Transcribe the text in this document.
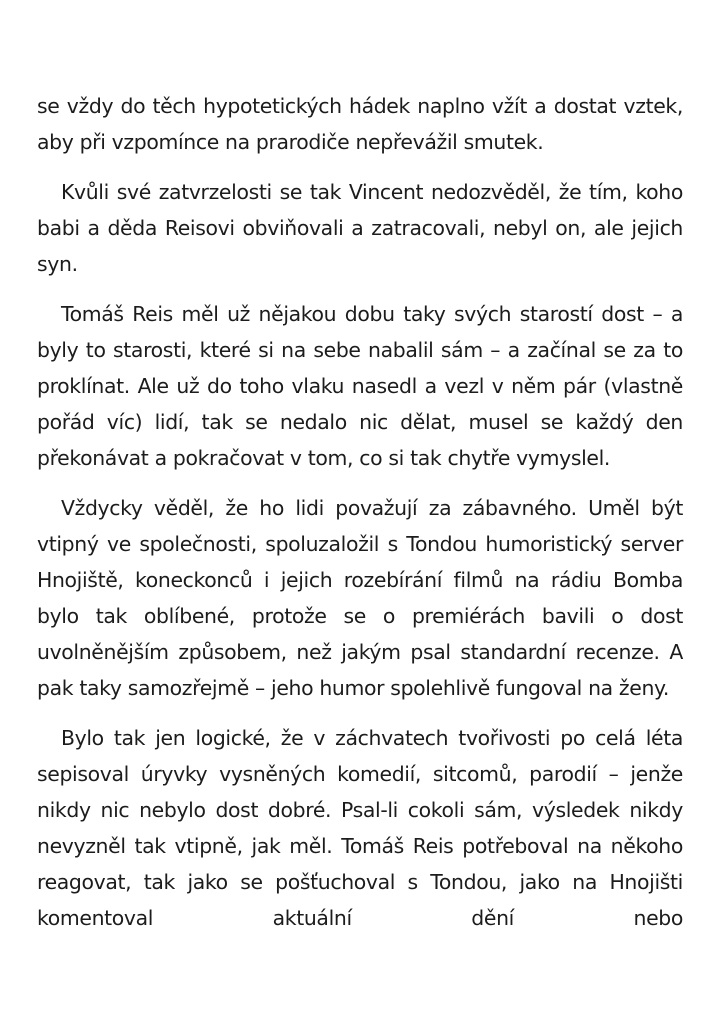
se vždy do těch hypotetických hádek naplno vžít a dostat vztek, aby při vzpomínce na prarodiče nepřevážil smutek.

Kvůli své zatvrzelosti se tak Vincent nedozvěděl, že tím, koho babi a děda Reisovi obviňovali a zatracovali, nebyl on, ale jejich syn.

Tomáš Reis měl už nějakou dobu taky svých starostí dost – a byly to starosti, které si na sebe nabalil sám – a začínal se za to proklínat. Ale už do toho vlaku nasedl a vezl v něm pár (vlastně pořád víc) lidí, tak se nedalo nic dělat, musel se každý den překonávat a pokračovat v tom, co si tak chytře vymyslel.

Vždycky věděl, že ho lidi považují za zábavného. Uměl být vtipný ve společnosti, spoluzaložil s Tondou humoristický server Hnojiště, koneckonců i jejich rozebírání filmů na rádiu Bomba bylo tak oblíbené, protože se o premiérách bavili o dost uvolněnějším způsobem, než jakým psal standardní recenze. A pak taky samozřejmě – jeho humor spolehlivě fungoval na ženy.

Bylo tak jen logické, že v záchvatech tvořivosti po celá léta sepisoval úryvky vysněných komedií, sitcomů, parodií – jenže nikdy nic nebylo dost dobré. Psal-li cokoli sám, výsledek nikdy nevyzněl tak vtipně, jak měl. Tomáš Reis potřeboval na někoho reagovat, tak jako se pošťuchoval s Tondou, jako na Hnojišti komentoval aktuální dění nebo
